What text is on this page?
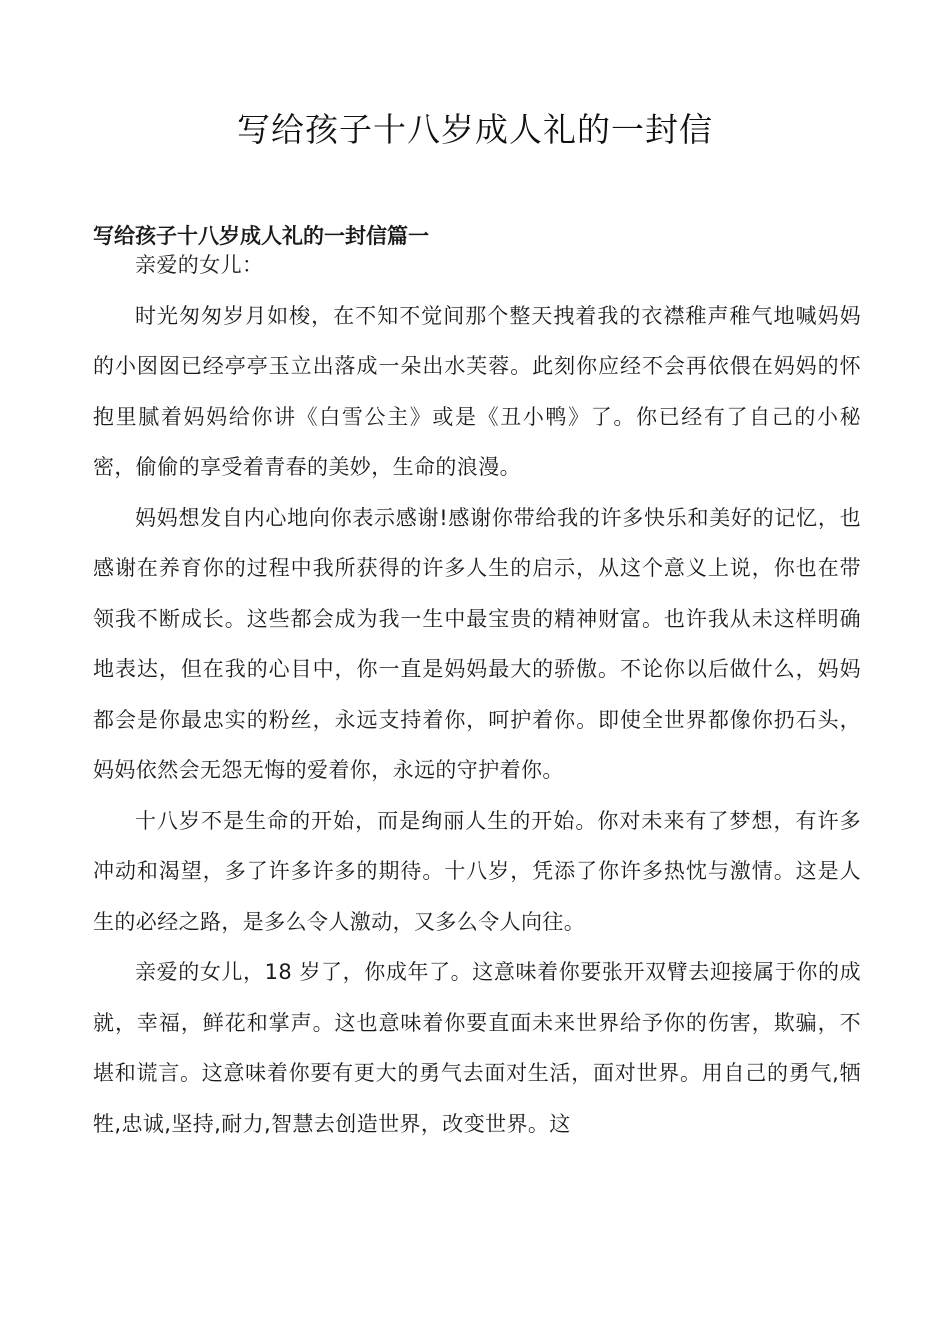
写给孩子十八岁成人礼的一封信
写给孩子十八岁成人礼的一封信篇一

亲爱的女儿：

时光匆匆岁月如梭，在不知不觉间那个整天拽着我的衣襟稚声稚气地喊妈妈的小囡囡已经亭亭玉立出落成一朵出水芙蓉。此刻你应经不会再依偎在妈妈的怀抱里腻着妈妈给你讲《白雪公主》或是《丑小鸭》了。你已经有了自己的小秘密，偷偷的享受着青春的美妙，生命的浪漫。

妈妈想发自内心地向你表示感谢!感谢你带给我的许多快乐和美好的记忆，也感谢在养育你的过程中我所获得的许多人生的启示，从这个意义上说，你也在带领我不断成长。这些都会成为我一生中最宝贵的精神财富。也许我从未这样明确地表达，但在我的心目中，你一直是妈妈最大的骄傲。不论你以后做什么，妈妈都会是你最忠实的粉丝，永远支持着你，呵护着你。即使全世界都像你扔石头，妈妈依然会无怨无悔的爱着你，永远的守护着你。

十八岁不是生命的开始，而是绚丽人生的开始。你对未来有了梦想，有许多冲动和渴望，多了许多许多的期待。十八岁，凭添了你许多热忱与激情。这是人生的必经之路，是多么令人激动，又多么令人向往。

亲爱的女儿，18 岁了，你成年了。这意味着你要张开双臂去迎接属于你的成就，幸福，鲜花和掌声。这也意味着你要直面未来世界给予你的伤害，欺骗，不堪和谎言。这意味着你要有更大的勇气去面对生活，面对世界。用自己的勇气,牺牲,忠诚,坚持,耐力,智慧去创造世界，改变世界。这
